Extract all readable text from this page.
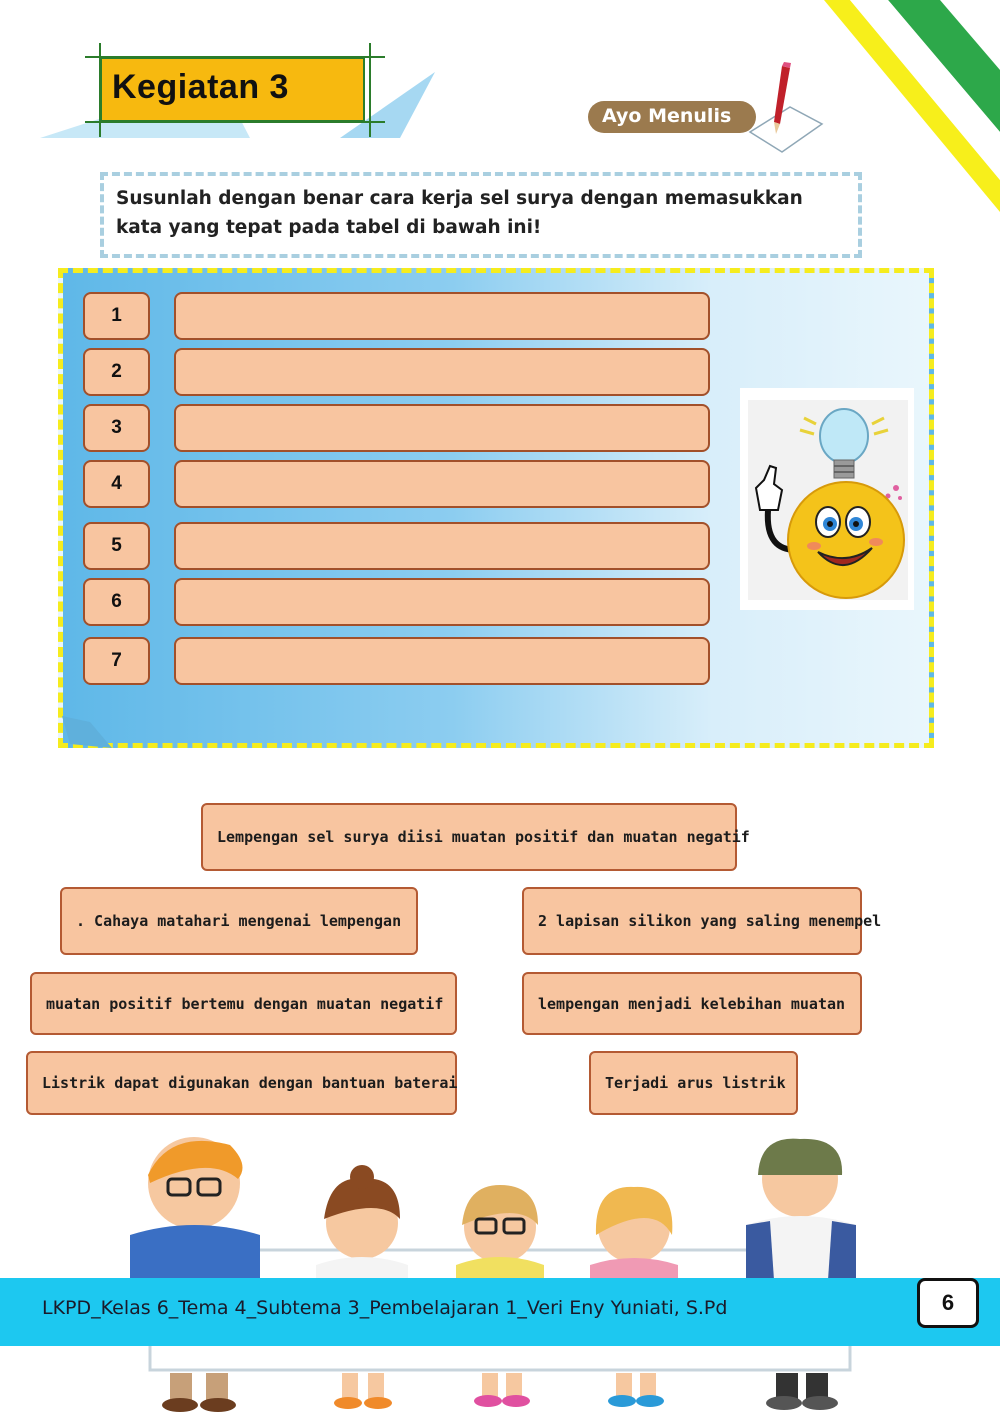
Kegiatan 3
Ayo Menulis
Susunlah dengan benar cara kerja sel surya dengan memasukkan kata yang tepat pada tabel di bawah ini!
1
2
3
4
5
6
7
Lempengan sel surya diisi muatan positif dan muatan negatif
. Cahaya matahari mengenai lempengan	2 lapisan silikon yang saling menempel
muatan positif bertemu dengan muatan negatif	lempengan menjadi kelebihan muatan
Listrik dapat digunakan dengan bantuan baterai	Terjadi arus listrik
LKPD_Kelas 6_Tema 4_Subtema 3_Pembelajaran 1_Veri Eny Yuniati, S.Pd	6
